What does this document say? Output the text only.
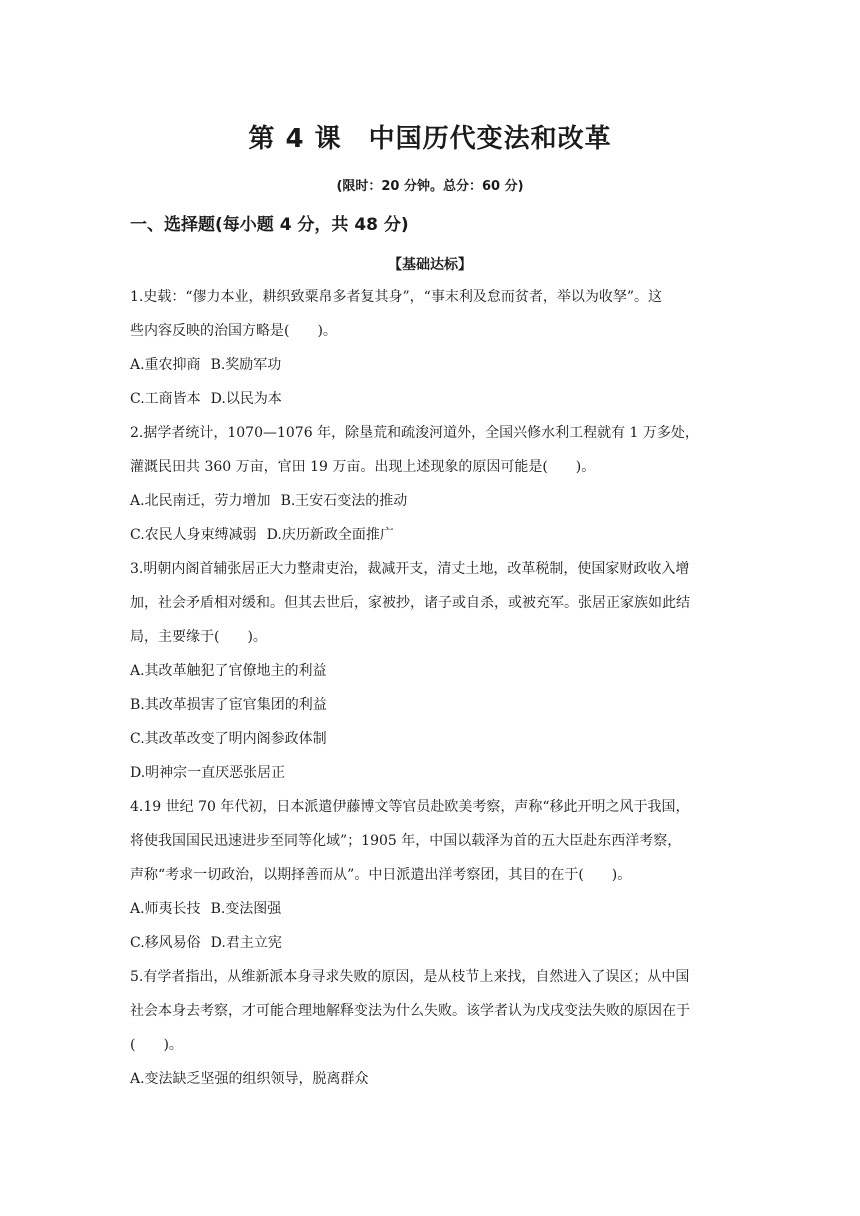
第 4 课　中国历代变法和改革
(限时：20 分钟。总分：60 分)
一、选择题(每小题 4 分，共 48 分)
【基础达标】
1.史载：“僇力本业，耕织致粟帛多者复其身”，“事末利及怠而贫者，举以为收孥”。这
些内容反映的治国方略是(　　)。
A.重农抑商 B.奖励军功
C.工商皆本 D.以民为本
2.据学者统计，1070—1076 年，除垦荒和疏浚河道外，全国兴修水利工程就有 1 万多处，
灌溉民田共 360 万亩，官田 19 万亩。出现上述现象的原因可能是(　　)。
A.北民南迁，劳力增加 B.王安石变法的推动
C.农民人身束缚减弱 D.庆历新政全面推广
3.明朝内阁首辅张居正大力整肃吏治，裁减开支，清丈土地，改革税制，使国家财政收入增
加，社会矛盾相对缓和。但其去世后，家被抄，诸子或自杀，或被充军。张居正家族如此结
局，主要缘于(　　)。
A.其改革触犯了官僚地主的利益
B.其改革损害了宦官集团的利益
C.其改革改变了明内阁参政体制
D.明神宗一直厌恶张居正
4.19 世纪 70 年代初，日本派遣伊藤博文等官员赴欧美考察，声称“移此开明之风于我国，
将使我国国民迅速进步至同等化域”；1905 年，中国以载泽为首的五大臣赴东西洋考察，
声称“考求一切政治，以期择善而从”。中日派遣出洋考察团，其目的在于(　　)。
A.师夷长技 B.变法图强
C.移风易俗 D.君主立宪
5.有学者指出，从维新派本身寻求失败的原因，是从枝节上来找，自然进入了误区；从中国
社会本身去考察，才可能合理地解释变法为什么失败。该学者认为戊戌变法失败的原因在于
(　　)。
A.变法缺乏坚强的组织领导，脱离群众
